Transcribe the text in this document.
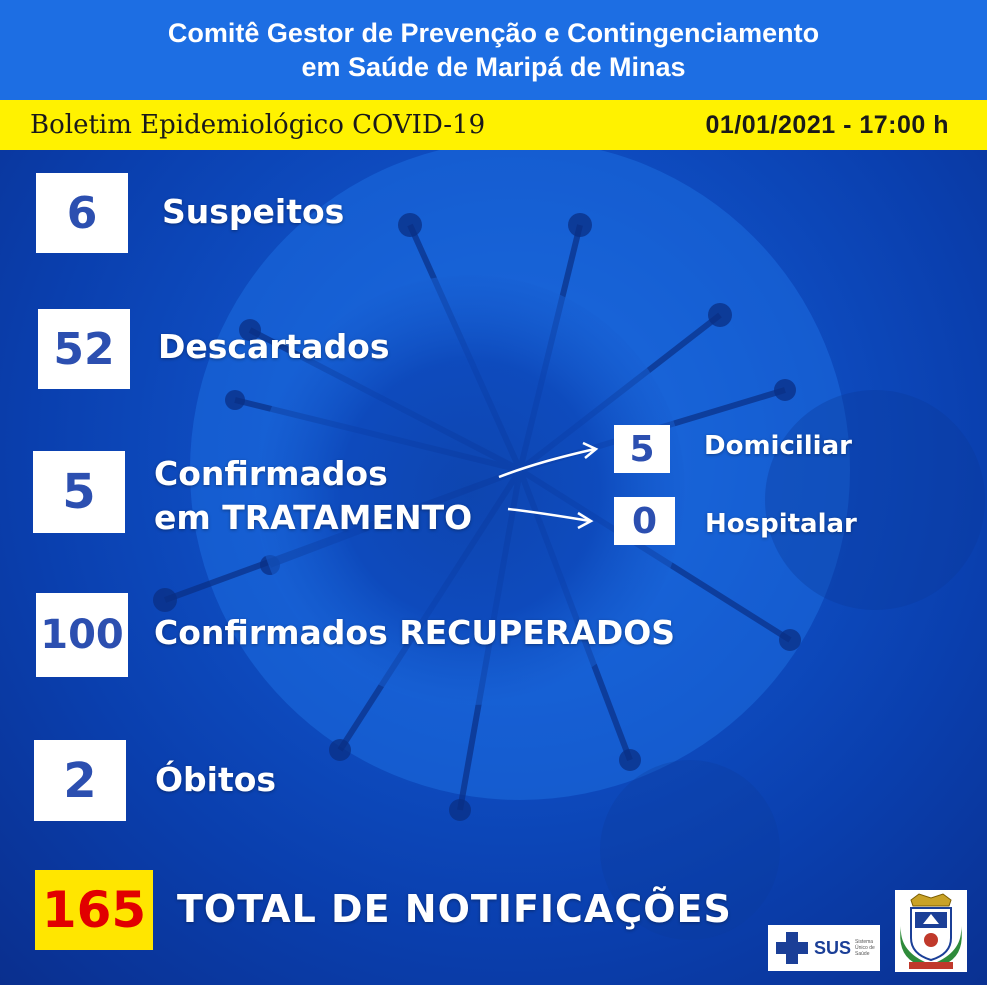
Comitê Gestor de Prevenção e Contingenciamento
em Saúde de Maripá de Minas
Boletim Epidemiológico COVID-19	01/01/2021 - 17:00 h
6	Suspeitos
52	Descartados
5	Confirmados
em TRATAMENTO
5	Domiciliar
0	Hospitalar
100 Confirmados RECUPERADOS
2	Óbitos
165 TOTAL DE NOTIFICAÇÕES
SUS Sistema Único de Saúde
